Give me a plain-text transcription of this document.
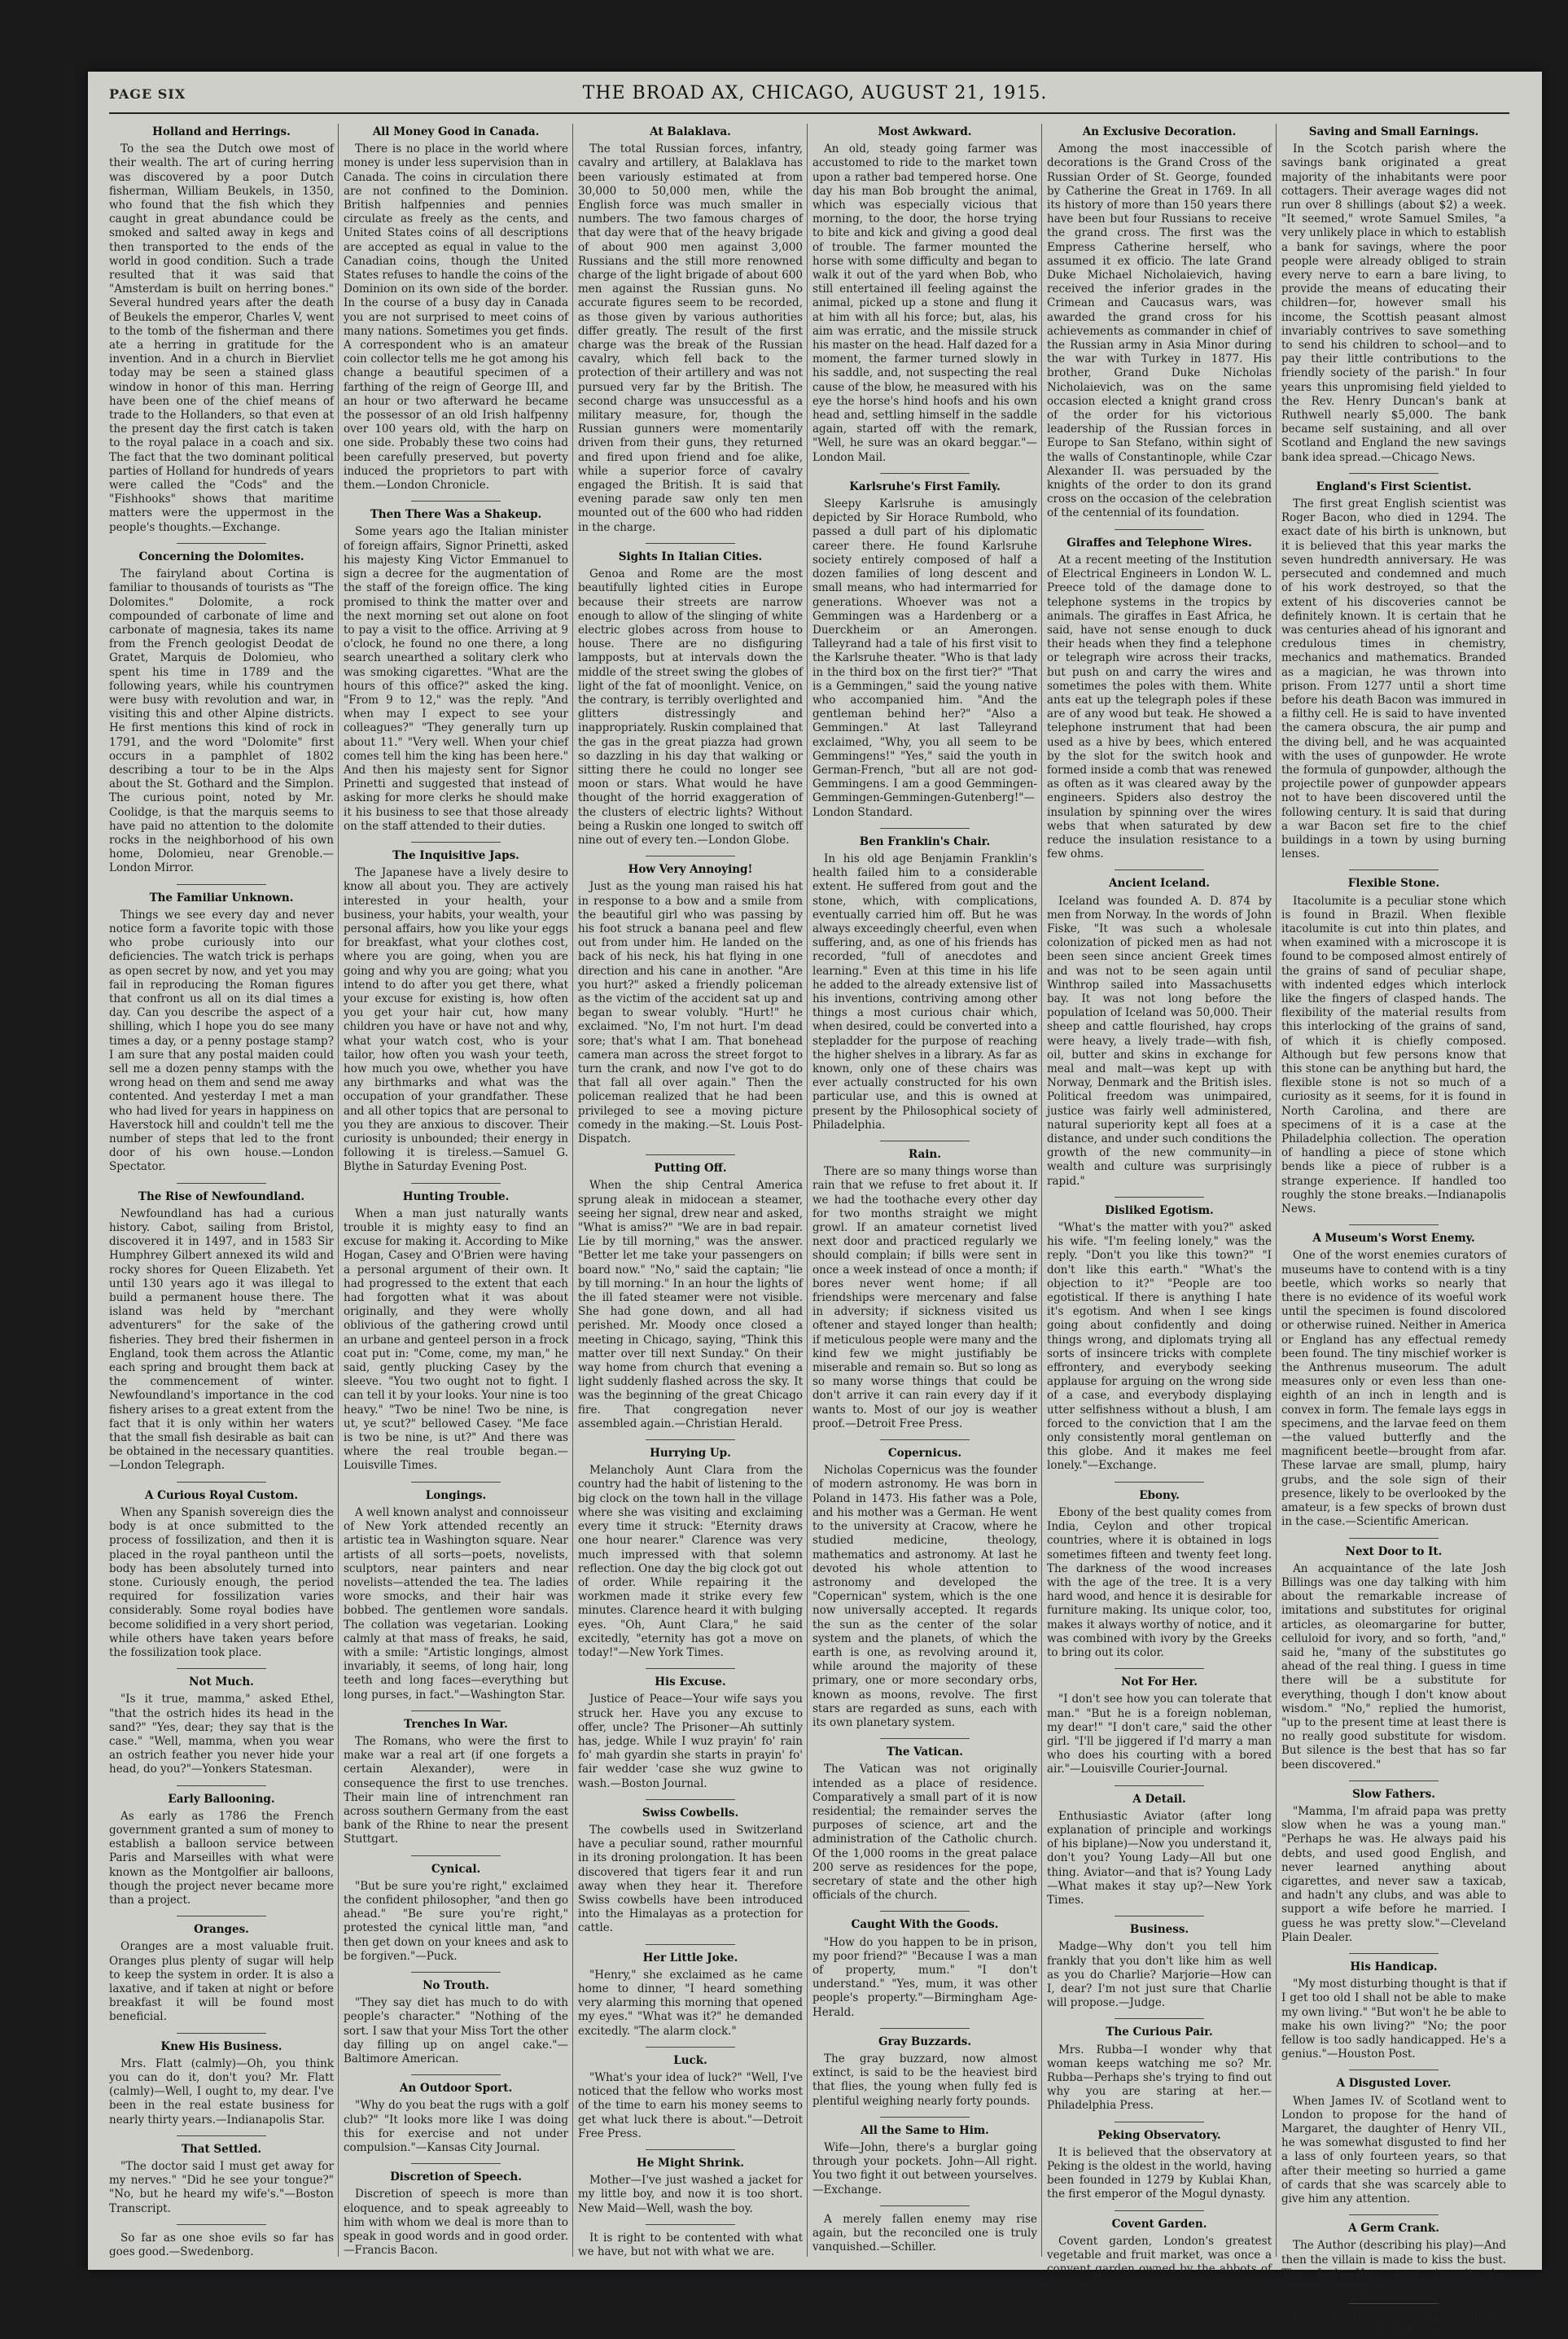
PAGE SIX	THE BROAD AX, CHICAGO, AUGUST 21, 1915.
Holland and Herrings.

To the sea the Dutch owe most of their wealth. The art of curing herring was discovered by a poor Dutch fisherman, William Beukels, in 1350, who found that the fish which they caught in great abundance could be smoked and salted away in kegs and then transported to the ends of the world in good condition. Such a trade resulted that it was said that "Amsterdam is built on herring bones." Several hundred years after the death of Beukels the emperor, Charles V, went to the tomb of the fisherman and there ate a herring in gratitude for the invention. And in a church in Biervliet today may be seen a stained glass window in honor of this man. Herring have been one of the chief means of trade to the Hollanders, so that even at the present day the first catch is taken to the royal palace in a coach and six. The fact that the two dominant political parties of Holland for hundreds of years were called the "Cods" and the "Fishhooks" shows that maritime matters were the uppermost in the people's thoughts.—Exchange.

Concerning the Dolomites.

The fairyland about Cortina is familiar to thousands of tourists as "The Dolomites." Dolomite, a rock compounded of carbonate of lime and carbonate of magnesia, takes its name from the French geologist Deodat de Gratet, Marquis de Dolomieu, who spent his time in 1789 and the following years, while his countrymen were busy with revolution and war, in visiting this and other Alpine districts. He first mentions this kind of rock in 1791, and the word "Dolomite" first occurs in a pamphlet of 1802 describing a tour to be in the Alps about the St. Gothard and the Simplon. The curious point, noted by Mr. Coolidge, is that the marquis seems to have paid no attention to the dolomite rocks in the neighborhood of his own home, Dolomieu, near Grenoble.—London Mirror.

The Familiar Unknown.

Things we see every day and never notice form a favorite topic with those who probe curiously into our deficiencies. The watch trick is perhaps as open secret by now, and yet you may fail in reproducing the Roman figures that confront us all on its dial times a day. Can you describe the aspect of a shilling, which I hope you do see many times a day, or a penny postage stamp? I am sure that any postal maiden could sell me a dozen penny stamps with the wrong head on them and send me away contented. And yesterday I met a man who had lived for years in happiness on Haverstock hill and couldn't tell me the number of steps that led to the front door of his own house.—London Spectator.

The Rise of Newfoundland.

Newfoundland has had a curious history. Cabot, sailing from Bristol, discovered it in 1497, and in 1583 Sir Humphrey Gilbert annexed its wild and rocky shores for Queen Elizabeth. Yet until 130 years ago it was illegal to build a permanent house there. The island was held by "merchant adventurers" for the sake of the fisheries. They bred their fishermen in England, took them across the Atlantic each spring and brought them back at the commencement of winter. Newfoundland's importance in the cod fishery arises to a great extent from the fact that it is only within her waters that the small fish desirable as bait can be obtained in the necessary quantities.—London Telegraph.

A Curious Royal Custom.

When any Spanish sovereign dies the body is at once submitted to the process of fossilization, and then it is placed in the royal pantheon until the body has been absolutely turned into stone. Curiously enough, the period required for fossilization varies considerably. Some royal bodies have become solidified in a very short period, while others have taken years before the fossilization took place.

Not Much.

"Is it true, mamma," asked Ethel, "that the ostrich hides its head in the sand?" "Yes, dear; they say that is the case." "Well, mamma, when you wear an ostrich feather you never hide your head, do you?"—Yonkers Statesman.

Early Ballooning.

As early as 1786 the French government granted a sum of money to establish a balloon service between Paris and Marseilles with what were known as the Montgolfier air balloons, though the project never became more than a project.

Oranges.

Oranges are a most valuable fruit. Oranges plus plenty of sugar will help to keep the system in order. It is also a laxative, and if taken at night or before breakfast it will be found most beneficial.

Knew His Business.

Mrs. Flatt (calmly)—Oh, you think you can do it, don't you? Mr. Flatt (calmly)—Well, I ought to, my dear. I've been in the real estate business for nearly thirty years.—Indianapolis Star.

That Settled.

"The doctor said I must get away for my nerves." "Did he see your tongue?" "No, but he heard my wife's."—Boston Transcript.

So far as one shoe evils so far has goes good.—Swedenborg.

All Money Good in Canada.

There is no place in the world where money is under less supervision than in Canada. The coins in circulation there are not confined to the Dominion. British halfpennies and pennies circulate as freely as the cents, and United States coins of all descriptions are accepted as equal in value to the Canadian coins, though the United States refuses to handle the coins of the Dominion on its own side of the border. In the course of a busy day in Canada you are not surprised to meet coins of many nations. Sometimes you get finds. A correspondent who is an amateur coin collector tells me he got among his change a beautiful specimen of a farthing of the reign of George III, and an hour or two afterward he became the possessor of an old Irish halfpenny over 100 years old, with the harp on one side. Probably these two coins had been carefully preserved, but poverty induced the proprietors to part with them.—London Chronicle.

Then There Was a Shakeup.

Some years ago the Italian minister of foreign affairs, Signor Prinetti, asked his majesty King Victor Emmanuel to sign a decree for the augmentation of the staff of the foreign office. The king promised to think the matter over and the next morning set out alone on foot to pay a visit to the office. Arriving at 9 o'clock, he found no one there, a long search unearthed a solitary clerk who was smoking cigarettes. "What are the hours of this office?" asked the king. "From 9 to 12," was the reply. "And when may I expect to see your colleagues?" "They generally turn up about 11." "Very well. When your chief comes tell him the king has been here." And then his majesty sent for Signor Prinetti and suggested that instead of asking for more clerks he should make it his business to see that those already on the staff attended to their duties.

The Inquisitive Japs.

The Japanese have a lively desire to know all about you. They are actively interested in your health, your business, your habits, your wealth, your personal affairs, how you like your eggs for breakfast, what your clothes cost, where you are going, when you are going and why you are going; what you intend to do after you get there, what your excuse for existing is, how often you get your hair cut, how many children you have or have not and why, what your watch cost, who is your tailor, how often you wash your teeth, how much you owe, whether you have any birthmarks and what was the occupation of your grandfather. These and all other topics that are personal to you they are anxious to discover. Their curiosity is unbounded; their energy in following it is tireless.—Samuel G. Blythe in Saturday Evening Post.

Hunting Trouble.

When a man just naturally wants trouble it is mighty easy to find an excuse for making it. According to Mike Hogan, Casey and O'Brien were having a personal argument of their own. It had progressed to the extent that each had forgotten what it was about originally, and they were wholly oblivious of the gathering crowd until an urbane and genteel person in a frock coat put in: "Come, come, my man," he said, gently plucking Casey by the sleeve. "You two ought not to fight. I can tell it by your looks. Your nine is too heavy." "Two be nine! Two be nine, is ut, ye scut?" bellowed Casey. "Me face is two be nine, is ut?" And there was where the real trouble began.—Louisville Times.

Longings.

A well known analyst and connoisseur of New York attended recently an artistic tea in Washington square. Near artists of all sorts—poets, novelists, sculptors, near painters and near novelists—attended the tea. The ladies wore smocks, and their hair was bobbed. The gentlemen wore sandals. The collation was vegetarian. Looking calmly at that mass of freaks, he said, with a smile: "Artistic longings, almost invariably, it seems, of long hair, long teeth and long faces—everything but long purses, in fact."—Washington Star.

Trenches In War.

The Romans, who were the first to make war a real art (if one forgets a certain Alexander), were in consequence the first to use trenches. Their main line of intrenchment ran across southern Germany from the east bank of the Rhine to near the present Stuttgart.

Cynical.

"But be sure you're right," exclaimed the confident philosopher, "and then go ahead." "Be sure you're right," protested the cynical little man, "and then get down on your knees and ask to be forgiven."—Puck.

No Trouth.

"They say diet has much to do with people's character." "Nothing of the sort. I saw that your Miss Tort the other day filling up on angel cake."—Baltimore American.

An Outdoor Sport.

"Why do you beat the rugs with a golf club?" "It looks more like I was doing this for exercise and not under compulsion."—Kansas City Journal.

Discretion of Speech.

Discretion of speech is more than eloquence, and to speak agreeably to him with whom we deal is more than to speak in good words and in good order.—Francis Bacon.

At Balaklava.

The total Russian forces, infantry, cavalry and artillery, at Balaklava has been variously estimated at from 30,000 to 50,000 men, while the English force was much smaller in numbers. The two famous charges of that day were that of the heavy brigade of about 900 men against 3,000 Russians and the still more renowned charge of the light brigade of about 600 men against the Russian guns. No accurate figures seem to be recorded, as those given by various authorities differ greatly. The result of the first charge was the break of the Russian cavalry, which fell back to the protection of their artillery and was not pursued very far by the British. The second charge was unsuccessful as a military measure, for, though the Russian gunners were momentarily driven from their guns, they returned and fired upon friend and foe alike, while a superior force of cavalry engaged the British. It is said that evening parade saw only ten men mounted out of the 600 who had ridden in the charge.

Sights In Italian Cities.

Genoa and Rome are the most beautifully lighted cities in Europe because their streets are narrow enough to allow of the slinging of white electric globes across from house to house. There are no disfiguring lampposts, but at intervals down the middle of the street swing the globes of light of the fat of moonlight. Venice, on the contrary, is terribly overlighted and glitters distressingly and inappropriately. Ruskin complained that the gas in the great piazza had grown so dazzling in his day that walking or sitting there he could no longer see moon or stars. What would he have thought of the horrid exaggeration of the clusters of electric lights? Without being a Ruskin one longed to switch off nine out of every ten.—London Globe.

How Very Annoying!

Just as the young man raised his hat in response to a bow and a smile from the beautiful girl who was passing by his foot struck a banana peel and flew out from under him. He landed on the back of his neck, his hat flying in one direction and his cane in another. "Are you hurt?" asked a friendly policeman as the victim of the accident sat up and began to swear volubly. "Hurt!" he exclaimed. "No, I'm not hurt. I'm dead sore; that's what I am. That bonehead camera man across the street forgot to turn the crank, and now I've got to do that fall all over again." Then the policeman realized that he had been privileged to see a moving picture comedy in the making.—St. Louis Post-Dispatch.

Putting Off.

When the ship Central America sprung aleak in midocean a steamer, seeing her signal, drew near and asked, "What is amiss?" "We are in bad repair. Lie by till morning," was the answer. "Better let me take your passengers on board now." "No," said the captain; "lie by till morning." In an hour the lights of the ill fated steamer were not visible. She had gone down, and all had perished. Mr. Moody once closed a meeting in Chicago, saying, "Think this matter over till next Sunday." On their way home from church that evening a light suddenly flashed across the sky. It was the beginning of the great Chicago fire. That congregation never assembled again.—Christian Herald.

Hurrying Up.

Melancholy Aunt Clara from the country had the habit of listening to the big clock on the town hall in the village where she was visiting and exclaiming every time it struck: "Eternity draws one hour nearer." Clarence was very much impressed with that solemn reflection. One day the big clock got out of order. While repairing it the workmen made it strike every few minutes. Clarence heard it with bulging eyes. "Oh, Aunt Clara," he said excitedly, "eternity has got a move on today!"—New York Times.

His Excuse.

Justice of Peace—Your wife says you struck her. Have you any excuse to offer, uncle? The Prisoner—Ah suttinly has, jedge. While I wuz prayin' fo' rain fo' mah gyardin she starts in prayin' fo' fair wedder 'case she wuz gwine to wash.—Boston Journal.

Swiss Cowbells.

The cowbells used in Switzerland have a peculiar sound, rather mournful in its droning prolongation. It has been discovered that tigers fear it and run away when they hear it. Therefore Swiss cowbells have been introduced into the Himalayas as a protection for cattle.

Her Little Joke.

"Henry," she exclaimed as he came home to dinner, "I heard something very alarming this morning that opened my eyes." "What was it?" he demanded excitedly. "The alarm clock."

Luck.

"What's your idea of luck?" "Well, I've noticed that the fellow who works most of the time to earn his money seems to get what luck there is about."—Detroit Free Press.

He Might Shrink.

Mother—I've just washed a jacket for my little boy, and now it is too short. New Maid—Well, wash the boy.

It is right to be contented with what we have, but not with what we are.

Most Awkward.

An old, steady going farmer was accustomed to ride to the market town upon a rather bad tempered horse. One day his man Bob brought the animal, which was especially vicious that morning, to the door, the horse trying to bite and kick and giving a good deal of trouble. The farmer mounted the horse with some difficulty and began to walk it out of the yard when Bob, who still entertained ill feeling against the animal, picked up a stone and flung it at him with all his force; but, alas, his aim was erratic, and the missile struck his master on the head. Half dazed for a moment, the farmer turned slowly in his saddle, and, not suspecting the real cause of the blow, he measured with his eye the horse's hind hoofs and his own head and, settling himself in the saddle again, started off with the remark, "Well, he sure was an okard beggar."—London Mail.

Karlsruhe's First Family.

Sleepy Karlsruhe is amusingly depicted by Sir Horace Rumbold, who passed a dull part of his diplomatic career there. He found Karlsruhe society entirely composed of half a dozen families of long descent and small means, who had intermarried for generations. Whoever was not a Gemmingen was a Hardenberg or a Duerckheim or an Amerongen. Talleyrand had a tale of his first visit to the Karlsruhe theater. "Who is that lady in the third box on the first tier?" "That is a Gemmingen," said the young native who accompanied him. "And the gentleman behind her?" "Also a Gemmingen." At last Talleyrand exclaimed, "Why, you all seem to be Gemmingens!" "Yes," said the youth in German-French, "but all are not god-Gemmingens. I am a good Gemmingen-Gemmingen-Gemmingen-Gutenberg!"—London Standard.

Ben Franklin's Chair.

In his old age Benjamin Franklin's health failed him to a considerable extent. He suffered from gout and the stone, which, with complications, eventually carried him off. But he was always exceedingly cheerful, even when suffering, and, as one of his friends has recorded, "full of anecdotes and learning." Even at this time in his life he added to the already extensive list of his inventions, contriving among other things a most curious chair which, when desired, could be converted into a stepladder for the purpose of reaching the higher shelves in a library. As far as known, only one of these chairs was ever actually constructed for his own particular use, and this is owned at present by the Philosophical society of Philadelphia.

Rain.

There are so many things worse than rain that we refuse to fret about it. If we had the toothache every other day for two months straight we might growl. If an amateur cornetist lived next door and practiced regularly we should complain; if bills were sent in once a week instead of once a month; if bores never went home; if all friendships were mercenary and false in adversity; if sickness visited us oftener and stayed longer than health; if meticulous people were many and the kind few we might justifiably be miserable and remain so. But so long as so many worse things that could be don't arrive it can rain every day if it wants to. Most of our joy is weather proof.—Detroit Free Press.

Copernicus.

Nicholas Copernicus was the founder of modern astronomy. He was born in Poland in 1473. His father was a Pole, and his mother was a German. He went to the university at Cracow, where he studied medicine, theology, mathematics and astronomy. At last he devoted his whole attention to astronomy and developed the "Copernican" system, which is the one now universally accepted. It regards the sun as the center of the solar system and the planets, of which the earth is one, as revolving around it, while around the majority of these primary, one or more secondary orbs, known as moons, revolve. The first stars are regarded as suns, each with its own planetary system.

The Vatican.

The Vatican was not originally intended as a place of residence. Comparatively a small part of it is now residential; the remainder serves the purposes of science, art and the administration of the Catholic church. Of the 1,000 rooms in the great palace 200 serve as residences for the pope, secretary of state and the other high officials of the church.

Caught With the Goods.

"How do you happen to be in prison, my poor friend?" "Because I was a man of property, mum." "I don't understand." "Yes, mum, it was other people's property."—Birmingham Age-Herald.

Gray Buzzards.

The gray buzzard, now almost extinct, is said to be the heaviest bird that flies, the young when fully fed is plentiful weighing nearly forty pounds.

All the Same to Him.

Wife—John, there's a burglar going through your pockets. John—All right. You two fight it out between yourselves.—Exchange.

A merely fallen enemy may rise again, but the reconciled one is truly vanquished.—Schiller.

An Exclusive Decoration.

Among the most inaccessible of decorations is the Grand Cross of the Russian Order of St. George, founded by Catherine the Great in 1769. In all its history of more than 150 years there have been but four Russians to receive the grand cross. The first was the Empress Catherine herself, who assumed it ex officio. The late Grand Duke Michael Nicholaievich, having received the inferior grades in the Crimean and Caucasus wars, was awarded the grand cross for his achievements as commander in chief of the Russian army in Asia Minor during the war with Turkey in 1877. His brother, Grand Duke Nicholas Nicholaievich, was on the same occasion elected a knight grand cross of the order for his victorious leadership of the Russian forces in Europe to San Stefano, within sight of the walls of Constantinople, while Czar Alexander II. was persuaded by the knights of the order to don its grand cross on the occasion of the celebration of the centennial of its foundation.

Giraffes and Telephone Wires.

At a recent meeting of the Institution of Electrical Engineers in London W. L. Preece told of the damage done to telephone systems in the tropics by animals. The giraffes in East Africa, he said, have not sense enough to duck their heads when they find a telephone or telegraph wire across their tracks, but push on and carry the wires and sometimes the poles with them. White ants eat up the telegraph poles if these are of any wood but teak. He showed a telephone instrument that had been used as a hive by bees, which entered by the slot for the switch hook and formed inside a comb that was renewed as often as it was cleared away by the engineers. Spiders also destroy the insulation by spinning over the wires webs that when saturated by dew reduce the insulation resistance to a few ohms.

Ancient Iceland.

Iceland was founded A. D. 874 by men from Norway. In the words of John Fiske, "It was such a wholesale colonization of picked men as had not been seen since ancient Greek times and was not to be seen again until Winthrop sailed into Massachusetts bay. It was not long before the population of Iceland was 50,000. Their sheep and cattle flourished, hay crops were heavy, a lively trade—with fish, oil, butter and skins in exchange for meal and malt—was kept up with Norway, Denmark and the British isles. Political freedom was unimpaired, justice was fairly well administered, natural superiority kept all foes at a distance, and under such conditions the growth of the new community—in wealth and culture was surprisingly rapid."

Disliked Egotism.

"What's the matter with you?" asked his wife. "I'm feeling lonely," was the reply. "Don't you like this town?" "I don't like this earth." "What's the objection to it?" "People are too egotistical. If there is anything I hate it's egotism. And when I see kings going about confidently and doing things wrong, and diplomats trying all sorts of insincere tricks with complete effrontery, and everybody seeking applause for arguing on the wrong side of a case, and everybody displaying utter selfishness without a blush, I am forced to the conviction that I am the only consistently moral gentleman on this globe. And it makes me feel lonely."—Exchange.

Ebony.

Ebony of the best quality comes from India, Ceylon and other tropical countries, where it is obtained in logs sometimes fifteen and twenty feet long. The darkness of the wood increases with the age of the tree. It is a very hard wood, and hence it is desirable for furniture making. Its unique color, too, makes it always worthy of notice, and it was combined with ivory by the Greeks to bring out its color.

Not For Her.

"I don't see how you can tolerate that man." "But he is a foreign nobleman, my dear!" "I don't care," said the other girl. "I'll be jiggered if I'd marry a man who does his courting with a bored air."—Louisville Courier-Journal.

A Detail.

Enthusiastic Aviator (after long explanation of principle and workings of his biplane)—Now you understand it, don't you? Young Lady—All but one thing. Aviator—and that is? Young Lady—What makes it stay up?—New York Times.

Business.

Madge—Why don't you tell him frankly that you don't like him as well as you do Charlie? Marjorie—How can I, dear? I'm not just sure that Charlie will propose.—Judge.

The Curious Pair.

Mrs. Rubba—I wonder why that woman keeps watching me so? Mr. Rubba—Perhaps she's trying to find out why you are staring at her.—Philadelphia Press.

Peking Observatory.

It is believed that the observatory at Peking is the oldest in the world, having been founded in 1279 by Kublai Khan, the first emperor of the Mogul dynasty.

Covent Garden.

Covent garden, London's greatest vegetable and fruit market, was once a convent garden owned by the abbots of Westminster.

Saving and Small Earnings.

In the Scotch parish where the savings bank originated a great majority of the inhabitants were poor cottagers. Their average wages did not run over 8 shillings (about $2) a week. "It seemed," wrote Samuel Smiles, "a very unlikely place in which to establish a bank for savings, where the poor people were already obliged to strain every nerve to earn a bare living, to provide the means of educating their children—for, however small his income, the Scottish peasant almost invariably contrives to save something to send his children to school—and to pay their little contributions to the friendly society of the parish." In four years this unpromising field yielded to the Rev. Henry Duncan's bank at Ruthwell nearly $5,000. The bank became self sustaining, and all over Scotland and England the new savings bank idea spread.—Chicago News.

England's First Scientist.

The first great English scientist was Roger Bacon, who died in 1294. The exact date of his birth is unknown, but it is believed that this year marks the seven hundredth anniversary. He was persecuted and condemned and much of his work destroyed, so that the extent of his discoveries cannot be definitely known. It is certain that he was centuries ahead of his ignorant and credulous times in chemistry, mechanics and mathematics. Branded as a magician, he was thrown into prison. From 1277 until a short time before his death Bacon was immured in a filthy cell. He is said to have invented the camera obscura, the air pump and the diving bell, and he was acquainted with the uses of gunpowder. He wrote the formula of gunpowder, although the projectile power of gunpowder appears not to have been discovered until the following century. It is said that during a war Bacon set fire to the chief buildings in a town by using burning lenses.

Flexible Stone.

Itacolumite is a peculiar stone which is found in Brazil. When flexible itacolumite is cut into thin plates, and when examined with a microscope it is found to be composed almost entirely of the grains of sand of peculiar shape, with indented edges which interlock like the fingers of clasped hands. The flexibility of the material results from this interlocking of the grains of sand, of which it is chiefly composed. Although but few persons know that this stone can be anything but hard, the flexible stone is not so much of a curiosity as it seems, for it is found in North Carolina, and there are specimens of it is a case at the Philadelphia collection. The operation of handling a piece of stone which bends like a piece of rubber is a strange experience. If handled too roughly the stone breaks.—Indianapolis News.

A Museum's Worst Enemy.

One of the worst enemies curators of museums have to contend with is a tiny beetle, which works so nearly that there is no evidence of its woeful work until the specimen is found discolored or otherwise ruined. Neither in America or England has any effectual remedy been found. The tiny mischief worker is the Anthrenus museorum. The adult measures only or even less than one-eighth of an inch in length and is convex in form. The female lays eggs in specimens, and the larvae feed on them—the valued butterfly and the magnificent beetle—brought from afar. These larvae are small, plump, hairy grubs, and the sole sign of their presence, likely to be overlooked by the amateur, is a few specks of brown dust in the case.—Scientific American.

Next Door to It.

An acquaintance of the late Josh Billings was one day talking with him about the remarkable increase of imitations and substitutes for original articles, as oleomargarine for butter, celluloid for ivory, and so forth, "and," said he, "many of the substitutes go ahead of the real thing. I guess in time there will be a substitute for everything, though I don't know about wisdom." "No," replied the humorist, "up to the present time at least there is no really good substitute for wisdom. But silence is the best that has so far been discovered."

Slow Fathers.

"Mamma, I'm afraid papa was pretty slow when he was a young man." "Perhaps he was. He always paid his debts, and used good English, and never learned anything about cigarettes, and never saw a taxicab, and hadn't any clubs, and was able to support a wife before he married. I guess he was pretty slow."—Cleveland Plain Dealer.

His Handicap.

"My most disturbing thought is that if I get too old I shall not be able to make my own living." "But won't he be able to make his own living?" "No; the poor fellow is too sadly handicapped. He's a genius."—Houston Post.

A Disgusted Lover.

When James IV. of Scotland went to London to propose for the hand of Margaret, the daughter of Henry VII., he was somewhat disgusted to find her a lass of only fourteen years, so that after their meeting so hurried a game of cards that she was scarcely able to give him any attention.

A Germ Crank.

The Author (describing his play)—And then the villain is made to kiss the bust. The Lady—How very insanitary!—Boston Transcript.

For all the disorders of the tongue the remedy must begin in the heart.
